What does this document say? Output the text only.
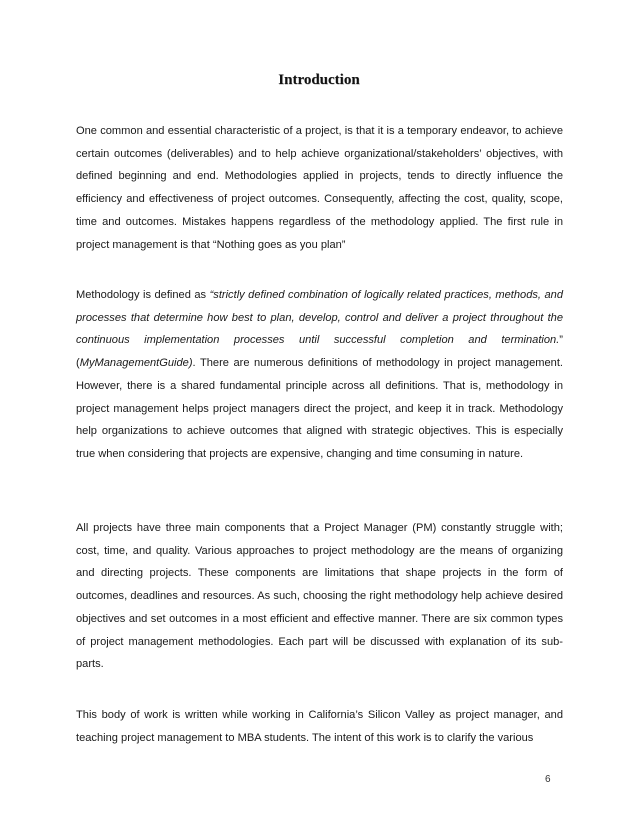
Introduction

One common and essential characteristic of a project, is that it is a temporary endeavor, to achieve certain outcomes (deliverables) and to help achieve organizational/stakeholders’ objectives, with defined beginning and end. Methodologies applied in projects, tends to directly influence the efficiency and effectiveness of project outcomes. Consequently, affecting the cost, quality, scope, time and outcomes. Mistakes happens regardless of the methodology applied. The first rule in project management is that “Nothing goes as you plan”

Methodology is defined as “strictly defined combination of logically related practices, methods, and processes that determine how best to plan, develop, control and deliver a project throughout the continuous implementation processes until successful completion and termination.” (MyManagementGuide). There are numerous definitions of methodology in project management. However, there is a shared fundamental principle across all definitions. That is, methodology in project management helps project managers direct the project, and keep it in track. Methodology help organizations to achieve outcomes that aligned with strategic objectives. This is especially true when considering that projects are expensive, changing and time consuming in nature.

All projects have three main components that a Project Manager (PM) constantly struggle with; cost, time, and quality. Various approaches to project methodology are the means of organizing and directing projects. These components are limitations that shape projects in the form of outcomes, deadlines and resources. As such, choosing the right methodology help achieve desired objectives and set outcomes in a most efficient and effective manner. There are six common types of project management methodologies. Each part will be discussed with explanation of its sub-parts.

This body of work is written while working in California’s Silicon Valley as project manager, and teaching project management to MBA students. The intent of this work is to clarify the various

6
